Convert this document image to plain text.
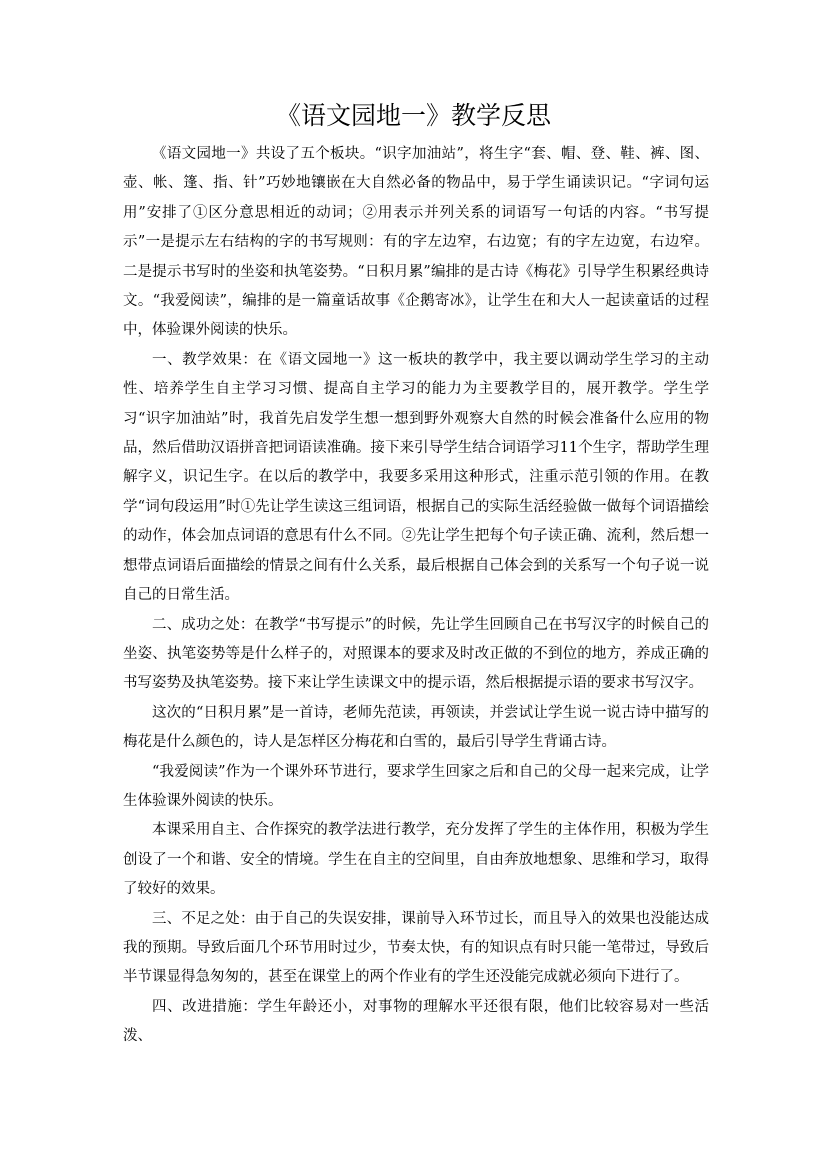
《语文园地一》教学反思

《语文园地一》共设了五个板块。“识字加油站”，将生字“套、帽、登、鞋、裤、图、壶、帐、篷、指、针”巧妙地镶嵌在大自然必备的物品中，易于学生诵读识记。“字词句运用”安排了①区分意思相近的动词；②用表示并列关系的词语写一句话的内容。“书写提示”一是提示左右结构的字的书写规则：有的字左边窄，右边宽；有的字左边宽，右边窄。二是提示书写时的坐姿和执笔姿势。“日积月累”编排的是古诗《梅花》引导学生积累经典诗文。“我爱阅读”，编排的是一篇童话故事《企鹅寄冰》，让学生在和大人一起读童话的过程中，体验课外阅读的快乐。

一、教学效果：在《语文园地一》这一板块的教学中，我主要以调动学生学习的主动性、培养学生自主学习习惯、提高自主学习的能力为主要教学目的，展开教学。学生学习“识字加油站”时，我首先启发学生想一想到野外观察大自然的时候会准备什么应用的物品，然后借助汉语拼音把词语读准确。接下来引导学生结合词语学习11个生字，帮助学生理解字义，识记生字。在以后的教学中，我要多采用这种形式，注重示范引领的作用。在教学“词句段运用”时①先让学生读这三组词语，根据自己的实际生活经验做一做每个词语描绘的动作，体会加点词语的意思有什么不同。②先让学生把每个句子读正确、流利，然后想一想带点词语后面描绘的情景之间有什么关系，最后根据自己体会到的关系写一个句子说一说自己的日常生活。

二、成功之处：在教学“书写提示”的时候，先让学生回顾自己在书写汉字的时候自己的坐姿、执笔姿势等是什么样子的，对照课本的要求及时改正做的不到位的地方，养成正确的书写姿势及执笔姿势。接下来让学生读课文中的提示语，然后根据提示语的要求书写汉字。

这次的“日积月累”是一首诗，老师先范读，再领读，并尝试让学生说一说古诗中描写的梅花是什么颜色的，诗人是怎样区分梅花和白雪的，最后引导学生背诵古诗。

“我爱阅读”作为一个课外环节进行，要求学生回家之后和自己的父母一起来完成，让学生体验课外阅读的快乐。

本课采用自主、合作探究的教学法进行教学，充分发挥了学生的主体作用，积极为学生创设了一个和谐、安全的情境。学生在自主的空间里，自由奔放地想象、思维和学习，取得了较好的效果。

三、不足之处：由于自己的失误安排，课前导入环节过长，而且导入的效果也没能达成我的预期。导致后面几个环节用时过少，节奏太快，有的知识点有时只能一笔带过，导致后半节课显得急匆匆的，甚至在课堂上的两个作业有的学生还没能完成就必须向下进行了。

四、改进措施：学生年龄还小，对事物的理解水平还很有限，他们比较容易对一些活泼、
